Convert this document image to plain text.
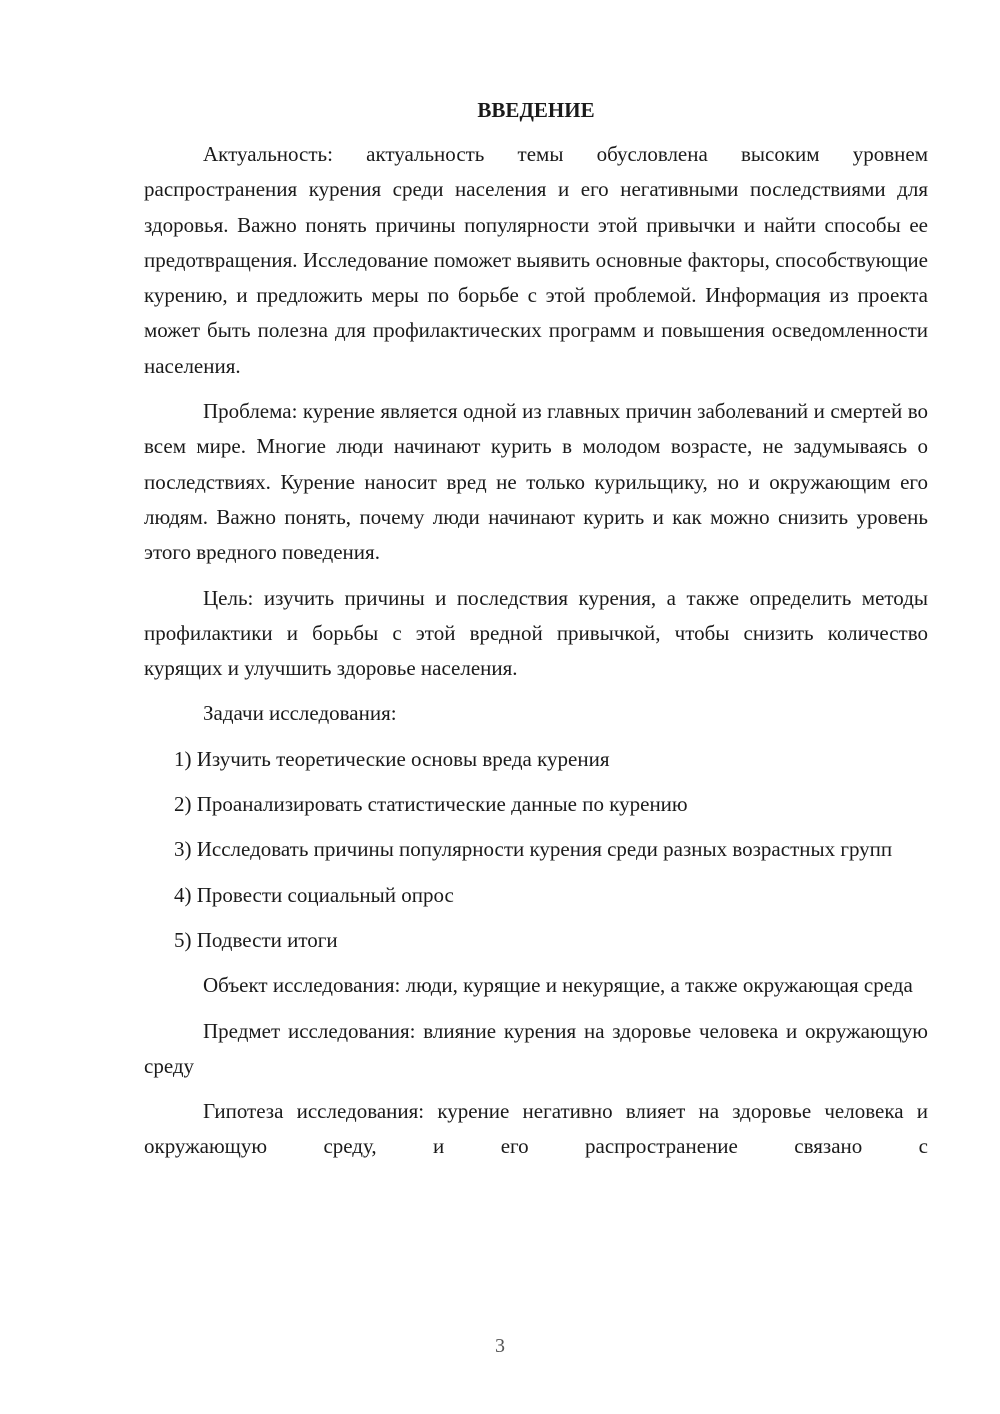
ВВЕДЕНИЕ

Актуальность: актуальность темы обусловлена высоким уровнем распространения курения среди населения и его негативными последствиями для здоровья. Важно понять причины популярности этой привычки и найти способы ее предотвращения. Исследование поможет выявить основные факторы, способствующие курению, и предложить меры по борьбе с этой проблемой. Информация из проекта может быть полезна для профилактических программ и повышения осведомленности населения.

Проблема: курение является одной из главных причин заболеваний и смертей во всем мире. Многие люди начинают курить в молодом возрасте, не задумываясь о последствиях. Курение наносит вред не только курильщику, но и окружающим его людям. Важно понять, почему люди начинают курить и как можно снизить уровень этого вредного поведения.

Цель: изучить причины и последствия курения, а также определить методы профилактики и борьбы с этой вредной привычкой, чтобы снизить количество курящих и улучшить здоровье населения.

Задачи исследования:

1) Изучить теоретические основы вреда курения

2) Проанализировать статистические данные по курению

3) Исследовать причины популярности курения среди разных возрастных групп

4) Провести социальный опрос

5) Подвести итоги

Объект исследования: люди, курящие и некурящие, а также окружающая среда

Предмет исследования: влияние курения на здоровье человека и окружающую среду

Гипотеза исследования: курение негативно влияет на здоровье человека и окружающую среду, и его распространение связано с

3
